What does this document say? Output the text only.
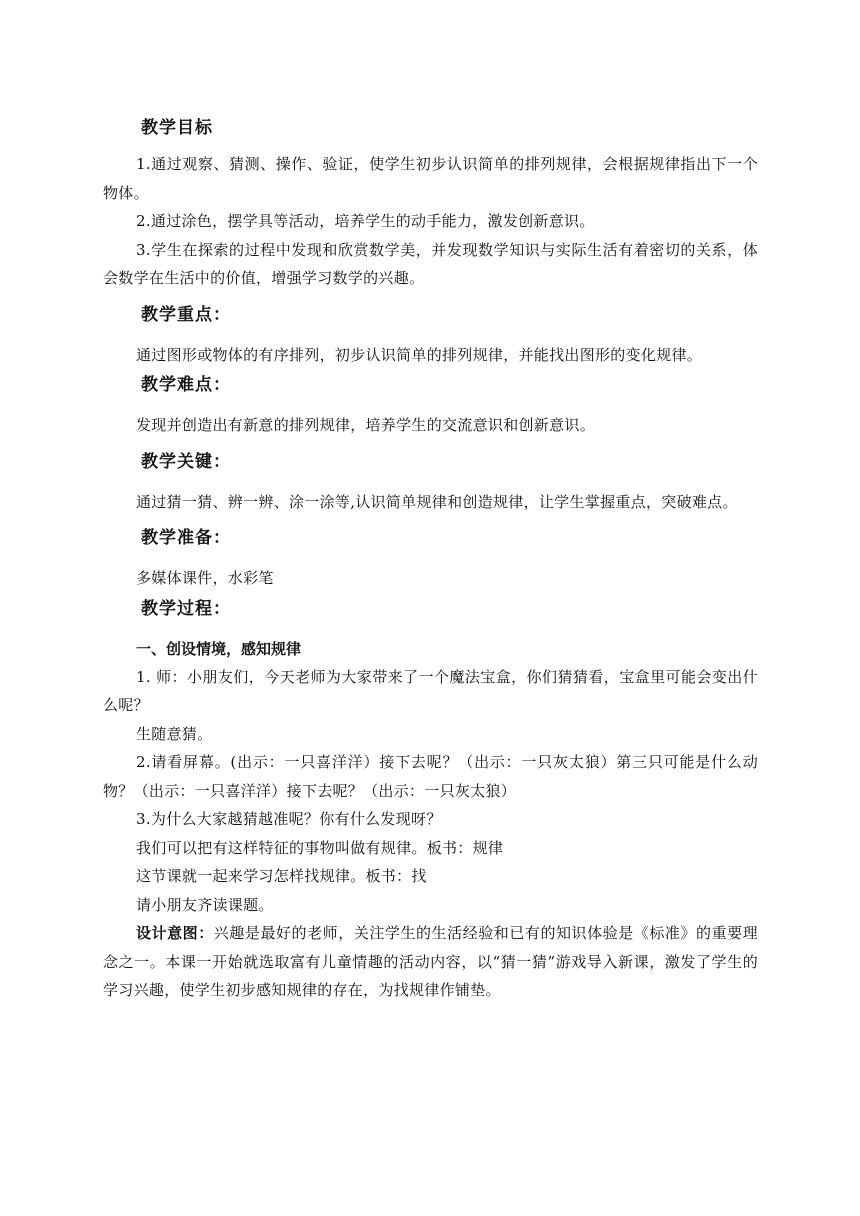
教学目标

1.通过观察、猜测、操作、验证，使学生初步认识简单的排列规律，会根据规律指出下一个物体。

2.通过涂色，摆学具等活动，培养学生的动手能力，激发创新意识。

3.学生在探索的过程中发现和欣赏数学美，并发现数学知识与实际生活有着密切的关系，体会数学在生活中的价值，增强学习数学的兴趣。

教学重点：

通过图形或物体的有序排列，初步认识简单的排列规律，并能找出图形的变化规律。

教学难点：

发现并创造出有新意的排列规律，培养学生的交流意识和创新意识。

教学关键：

通过猜一猜、辨一辨、涂一涂等,认识简单规律和创造规律，让学生掌握重点，突破难点。

教学准备：

多媒体课件，水彩笔

教学过程：

一、创设情境，感知规律

1. 师：小朋友们，今天老师为大家带来了一个魔法宝盒，你们猜猜看，宝盒里可能会变出什么呢？

生随意猜。

2.请看屏幕。(出示：一只喜洋洋）接下去呢？（出示：一只灰太狼）第三只可能是什么动物？（出示：一只喜洋洋）接下去呢？（出示：一只灰太狼）

3.为什么大家越猜越准呢？你有什么发现呀？

我们可以把有这样特征的事物叫做有规律。板书：规律

这节课就一起来学习怎样找规律。板书：找

请小朋友齐读课题。

设计意图：兴趣是最好的老师，关注学生的生活经验和已有的知识体验是《标准》的重要理念之一。本课一开始就选取富有儿童情趣的活动内容，以“猜一猜”游戏导入新课，激发了学生的学习兴趣，使学生初步感知规律的存在，为找规律作铺垫。
